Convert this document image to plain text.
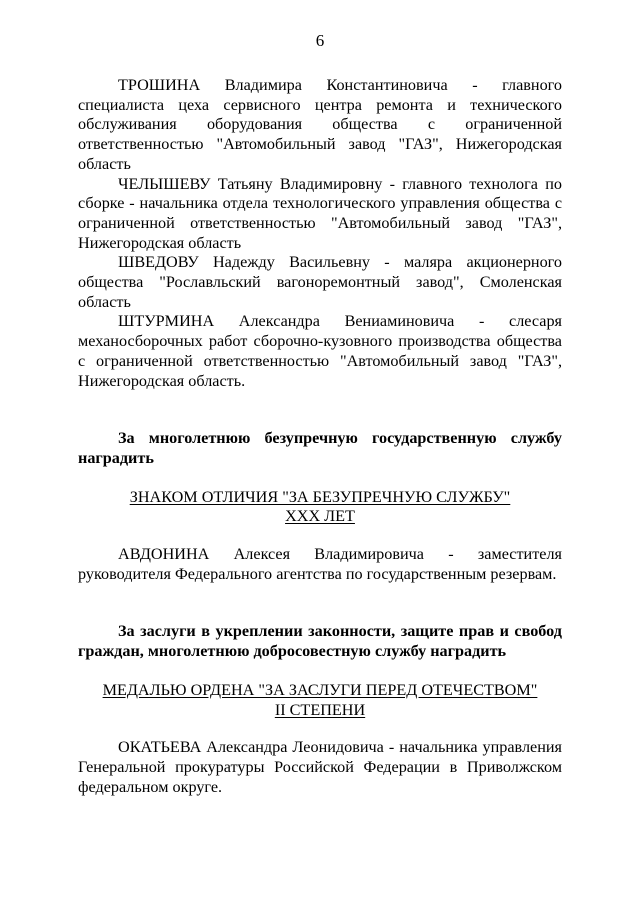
6

ТРОШИНА Владимира Константиновича - главного специалиста цеха сервисного центра ремонта и технического обслуживания оборудования общества с ограниченной ответственностью "Автомобильный завод "ГАЗ", Нижегородская область

ЧЕЛЫШЕВУ Татьяну Владимировну - главного технолога по сборке - начальника отдела технологического управления общества с ограниченной ответственностью "Автомобильный завод "ГАЗ", Нижегородская область

ШВЕДОВУ Надежду Васильевну - маляра акционерного общества "Рославльский вагоноремонтный завод", Смоленская область

ШТУРМИНА Александра Вениаминовича - слесаря механосборочных работ сборочно-кузовного производства общества с ограниченной ответственностью "Автомобильный завод "ГАЗ", Нижегородская область.

За многолетнюю безупречную государственную службу наградить

ЗНАКОМ ОТЛИЧИЯ "ЗА БЕЗУПРЕЧНУЮ СЛУЖБУ"
XXX ЛЕТ

АВДОНИНА Алексея Владимировича - заместителя руководителя Федерального агентства по государственным резервам.

За заслуги в укреплении законности, защите прав и свобод граждан, многолетнюю добросовестную службу наградить

МЕДАЛЬЮ ОРДЕНА "ЗА ЗАСЛУГИ ПЕРЕД ОТЕЧЕСТВОМ"
II СТЕПЕНИ

ОКАТЬЕВА Александра Леонидовича - начальника управления Генеральной прокуратуры Российской Федерации в Приволжском федеральном округе.
